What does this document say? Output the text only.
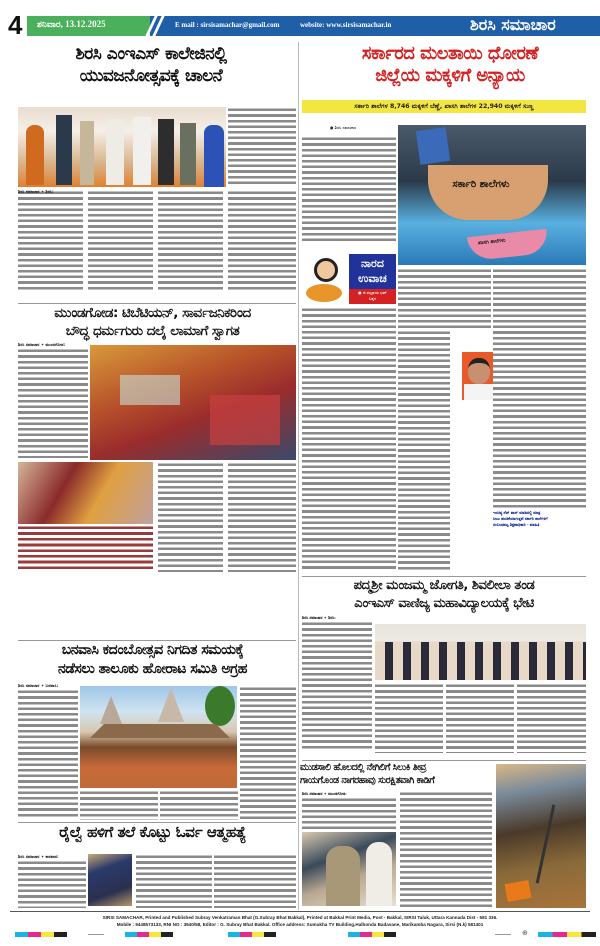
4 ಶನಿವಾರ, 13.12.2025	E mail : sirsisamachar@gmail.com	website: www.sirsisamachar.in	ಶಿರಸಿ ಸಮಾಚಾರ
ಶಿರಸಿ ಎಂಇಎಸ್ ಕಾಲೇಜಿನಲ್ಲಿ
ಯುವಜನೋತ್ಸವಕ್ಕೆ ಚಾಲನೆ
ಶಿರಸಿ ಸಮಾಚಾರ ✦ ಶಿರಸಿ:
ಮುಂಡಗೋಡ: ಟಿಬೆಟಿಯನ್, ಸಾರ್ವಜನಿಕರಿಂದ
ಬೌದ್ಧ ಧರ್ಮಗುರು ದಲೈ ಲಾಮಾಗೆ ಸ್ವಾಗತ
ಶಿರಸಿ ಸಮಾಚಾರ ✦ ಮುಂಡಗೋಡ:
ಬನವಾಸಿ ಕದಂಬೋತ್ಸವ ನಿಗದಿತ ಸಮಯಕ್ಕೆ
ನಡೆಸಲು ತಾಲೂಕು ಹೋರಾಟ ಸಮಿತಿ ಅಗ್ರಹ
ಶಿರಸಿ ಸಮಾಚಾರ ✦ ಬನವಾಸಿ:
ರೈಲ್ವೆ ಹಳಿಗೆ ತಲೆ ಕೊಟ್ಟು ಓರ್ವ ಆತ್ಮಹತ್ಯೆ
ಶಿರಸಿ ಸಮಾಚಾರ ✦ ಕಾರವಾರ:
ಸರ್ಕಾರದ ಮಲತಾಯಿ ಧೋರಣೆ
ಜಿಲ್ಲೆಯ ಮಕ್ಕಳಿಗೆ ಅನ್ಯಾಯ
ಸರ್ಕಾರಿ ಶಾಲೆಗಳ 8,746 ಮಕ್ಕಳಿಗೆ ಬೆಣ್ಣೆ, ಖಾಸಗಿ ಶಾಲೆಗಳ 22,940 ಮಕ್ಕಳಿಗೆ ಸುಣ್ಣ
● ಶಿರಸಿ ಸಮಾಚಾರ
ಸರ್ಕಾರಿ ಶಾಲೆಗಳು
ಖಾಸಗಿ ಶಾಲೆಗಳು
ನಾರದ
ಉವಾಚ
● ಜಿ.ಸುಬ್ರಾಯ ಭಟ್
ಬಕ್ಕಳ
ಇಂಚಿತ್ಯ ನೆಟ್ ಪಾಸ್ ಮಾಡಿದಲ್ಲಿ ಮಾತ್ರ
ಸೀಟು ಹಂಚಿಕೆಯಾಗುತ್ತವೆ ಸರ್ಕಾರಿ ಶಾಲೆಗಳಿಗೆ
ಸಂಬಂಧಪಟ್ಟ ಶಿಕ್ಷಣಾಧಿಕಾರಿ - ಮಾಹಿತಿ
ಪದ್ಮಶ್ರೀ ಮಂಜಮ್ಮ ಜೋಗತಿ, ಶಿವಲೀಲಾ ತಂಡ
ಎಂಇಎಸ್ ವಾಣಿಜ್ಯ ಮಹಾವಿದ್ಯಾಲಯಕ್ಕೆ ಭೇಟಿ
ಶಿರಸಿ ಸಮಾಚಾರ ✦ ಶಿರಸಿ:
ಮುಡಸಾಲಿ ಹೊಲದಲ್ಲಿ ನೇಗಿಲಿಗೆ ಸಿಲುಕಿ ತೀವ್ರ
ಗಾಯಗೊಂಡ ನಾಗರಹಾವು ಸುರಕ್ಷಿತವಾಗಿ ಕಾಡಿಗೆ
ಶಿರಸಿ ಸಮಾಚಾರ ✦ ಮುಂಡಗೋಡ:
SIRSI SAMACHAR, Printed and Published Subray Venkatraman Bhat (G.Subray Bhat Bakkal), Printed at Bakkal Print Media, Post - Bakkal, SIRSI Taluk, Uttara Kannada Dist - 581 336.
Mobile : 9448573133, RNI NO : 3940/58, Editor : G. Subray Bhat Bakkal. Office address: Sumukha TV Building,Halhonda Badavane, Marikamba Nagara, Sirsi (N.k) 581401
⊕
